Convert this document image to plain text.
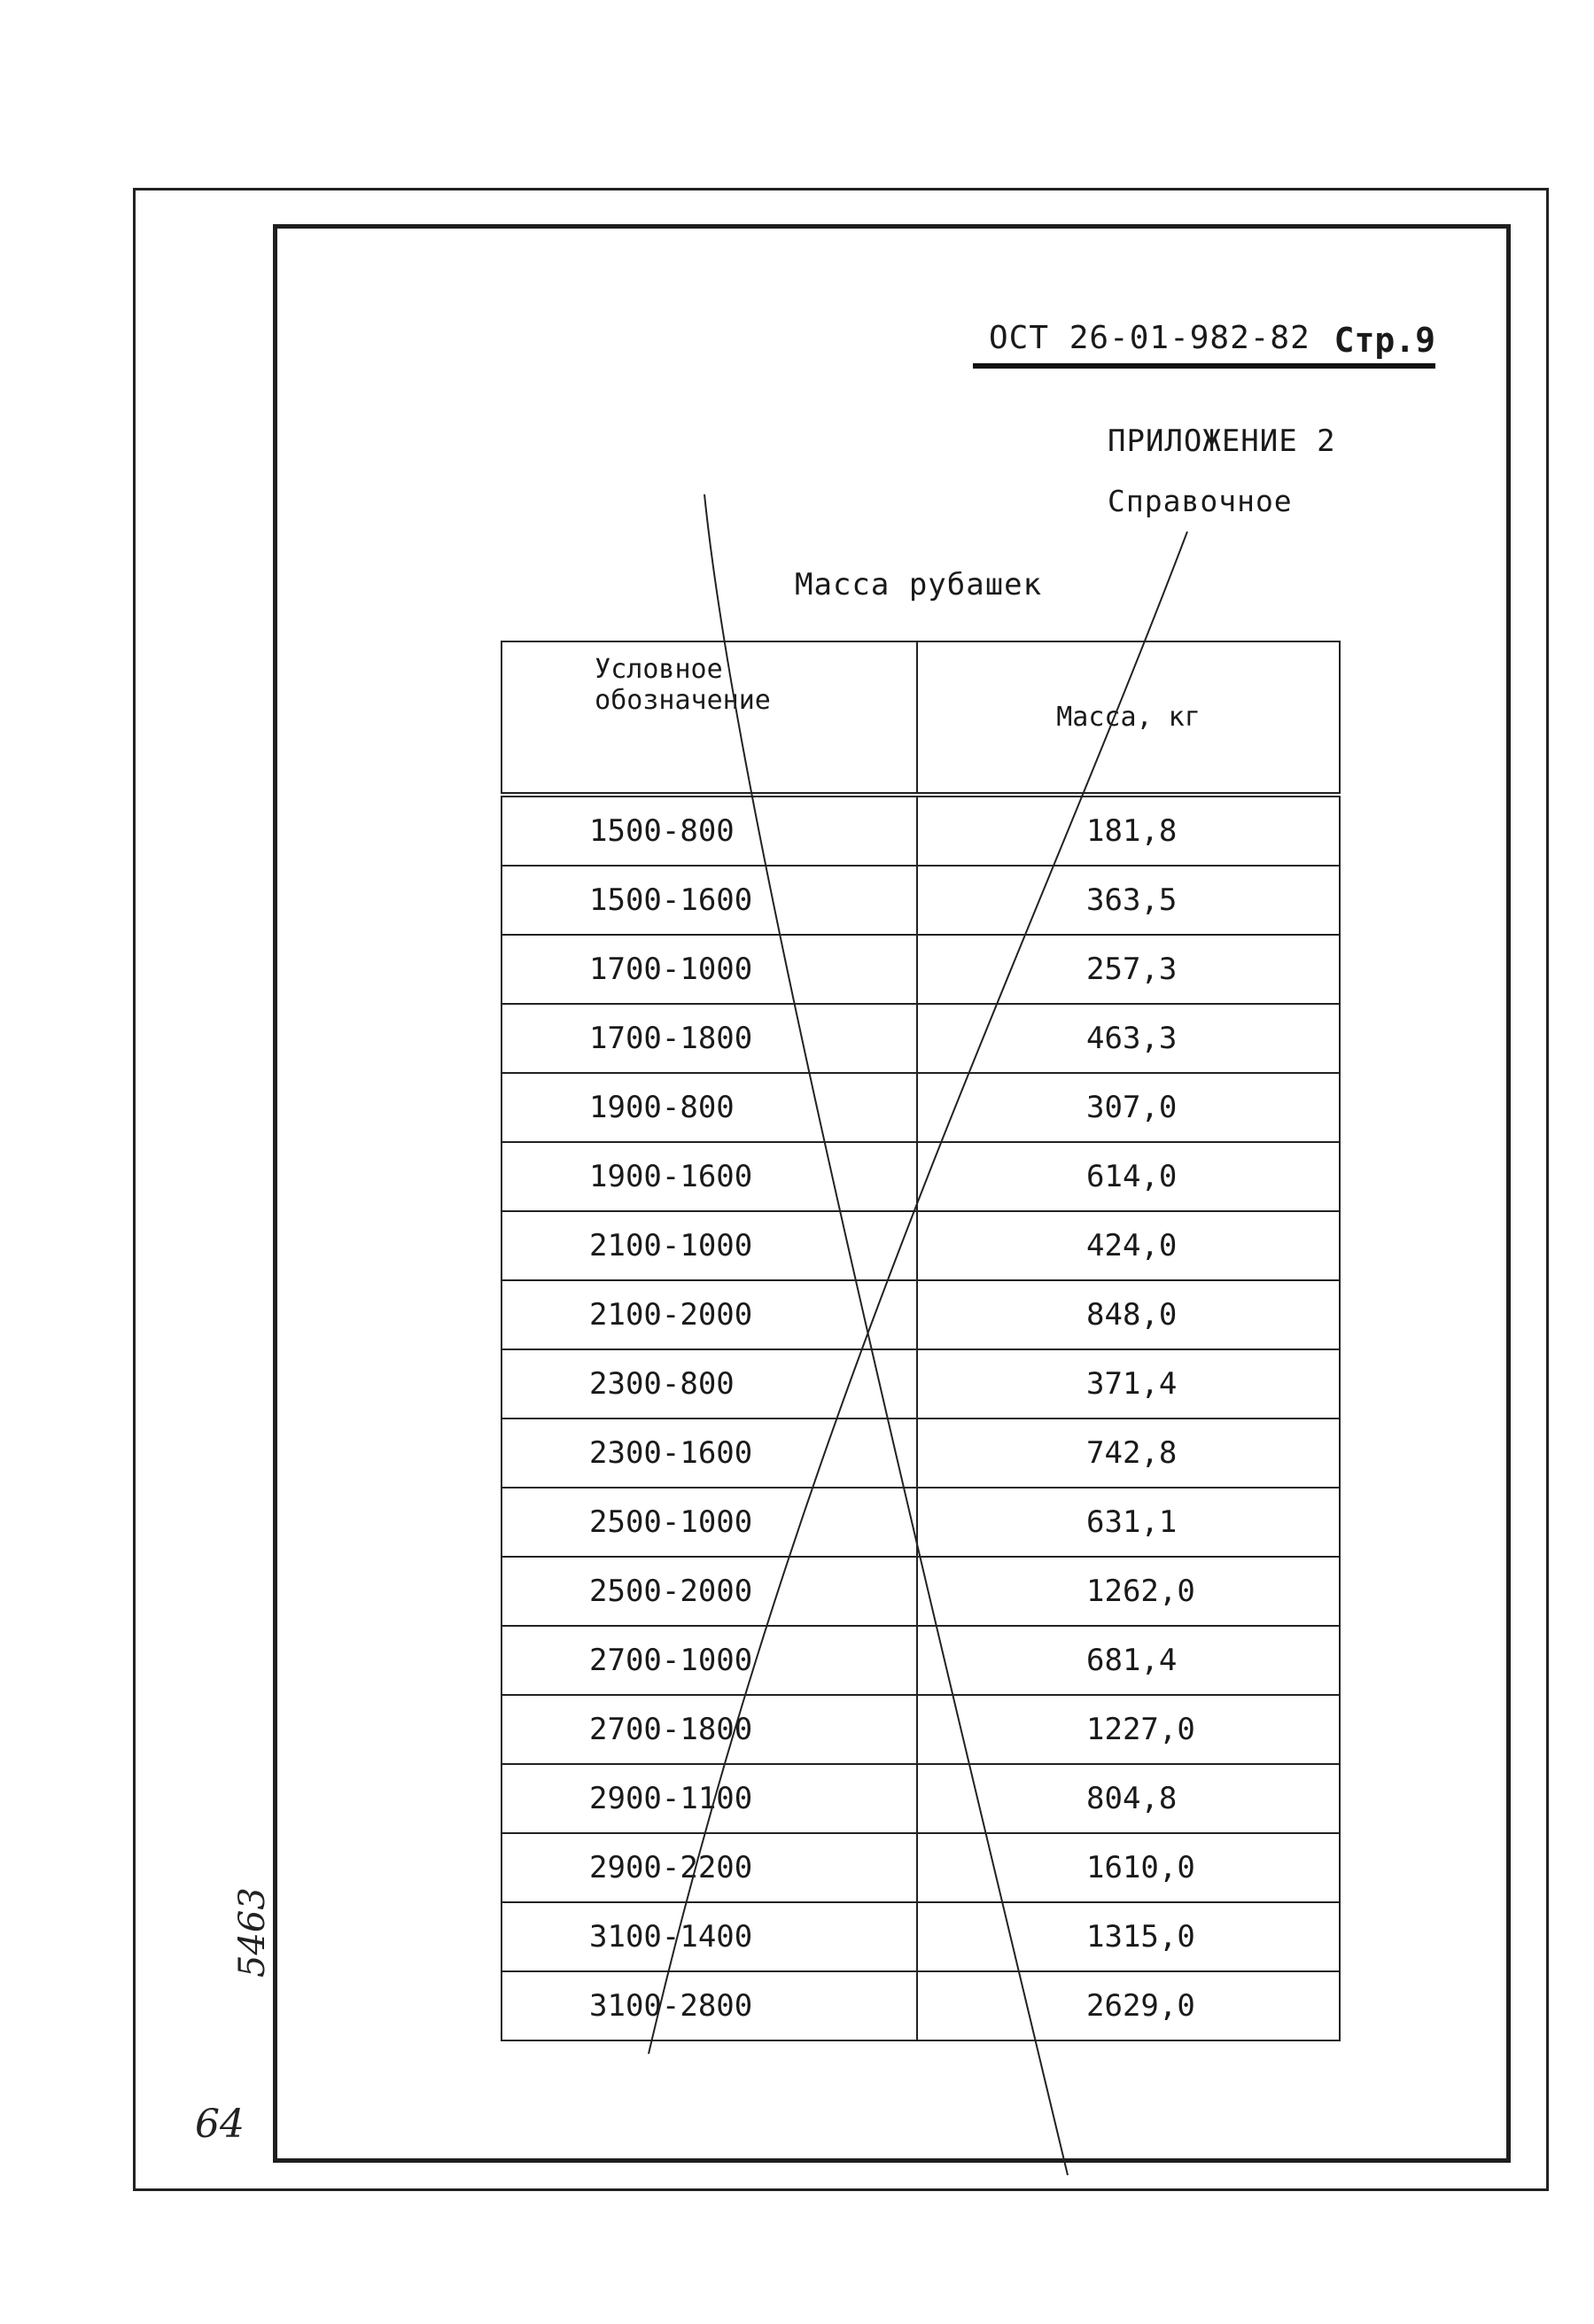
ОСТ 26-01-982-82 Стр.9
ПРИЛОЖЕНИЕ 2
Справочное
Масса рубашек
Условное
обозначение	Масса, кг
1500-800	181,8
1500-1600	363,5
1700-1000	257,3
1700-1800	463,3
1900-800	307,0
1900-1600	614,0
2100-1000	424,0
2100-2000	848,0
2300-800	371,4
2300-1600	742,8
2500-1000	631,1
2500-2000	1262,0
2700-1000	681,4
2700-1800	1227,0
2900-1100	804,8
2900-2200	1610,0
3100-1400	1315,0
3100-2800	2629,0
5463
64
